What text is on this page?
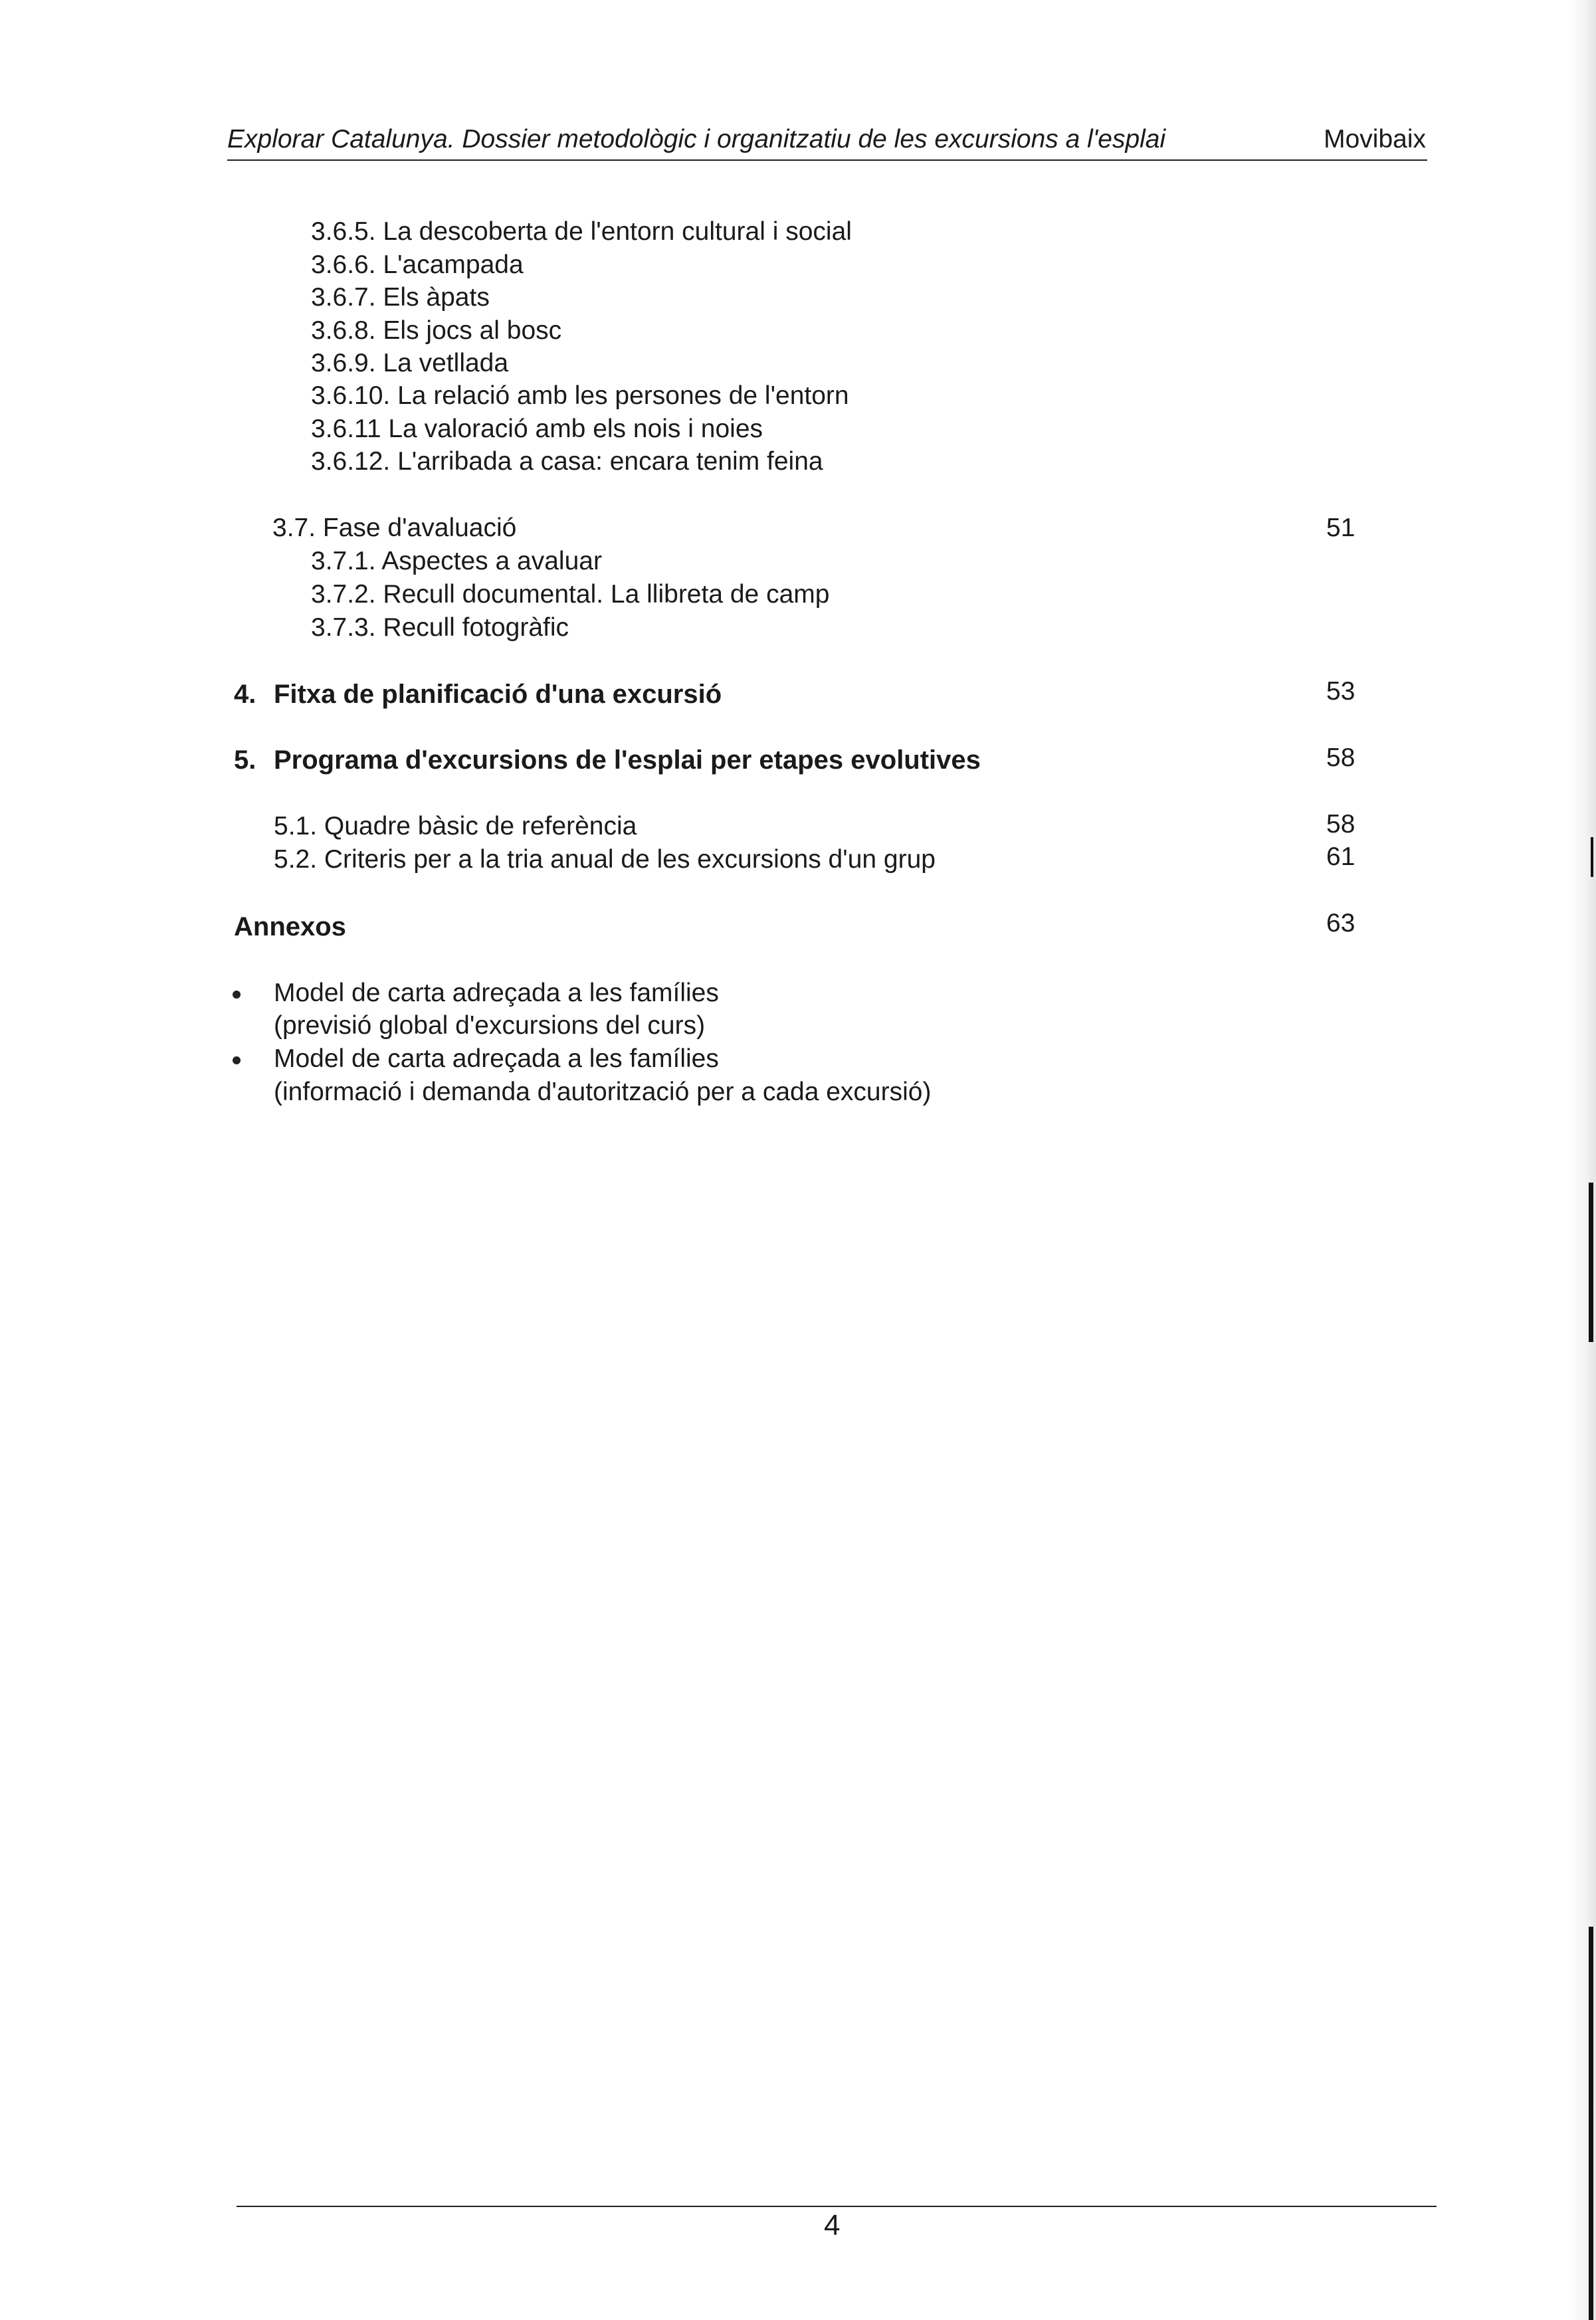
Explorar Catalunya. Dossier metodològic i organitzatiu de les excursions a l'esplai	Movibaix
3.6.5. La descoberta de l'entorn cultural i social
3.6.6. L'acampada
3.6.7. Els àpats
3.6.8. Els jocs al bosc
3.6.9. La vetllada
3.6.10. La relació amb les persones de l'entorn
3.6.11 La valoració amb els nois i noies
3.6.12. L'arribada a casa: encara tenim feina
3.7. Fase d'avaluació	51
3.7.1. Aspectes a avaluar
3.7.2. Recull documental. La llibreta de camp
3.7.3. Recull fotogràfic
4. Fitxa de planificació d'una excursió	53
5. Programa d'excursions de l'esplai per etapes evolutives	58
5.1. Quadre bàsic de referència	58
5.2. Criteris per a la tria anual de les excursions d'un grup	61
Annexos	63
Model de carta adreçada a les famílies
(previsió global d'excursions del curs)
Model de carta adreçada a les famílies
(informació i demanda d'autorització per a cada excursió)
4
